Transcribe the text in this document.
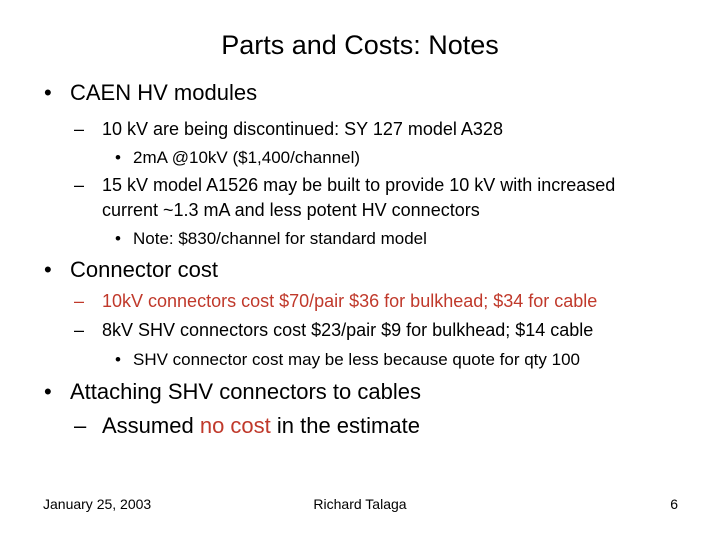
Parts and Costs: Notes
• CAEN HV modules
– 10 kV are being discontinued: SY 127 model A328
• 2mA @10kV ($1,400/channel)
– 15 kV model A1526 may be built to provide 10 kV with increased
current ~1.3 mA and less potent HV connectors
• Note: $830/channel for standard model
• Connector cost
– 10kV connectors cost $70/pair $36 for bulkhead; $34 for cable
– 8kV SHV connectors cost $23/pair $9 for bulkhead; $14 cable
• SHV connector cost may be less because quote for qty 100
• Attaching SHV connectors to cables
– Assumed no cost in the estimate
January 25, 2003	Richard Talaga	6
